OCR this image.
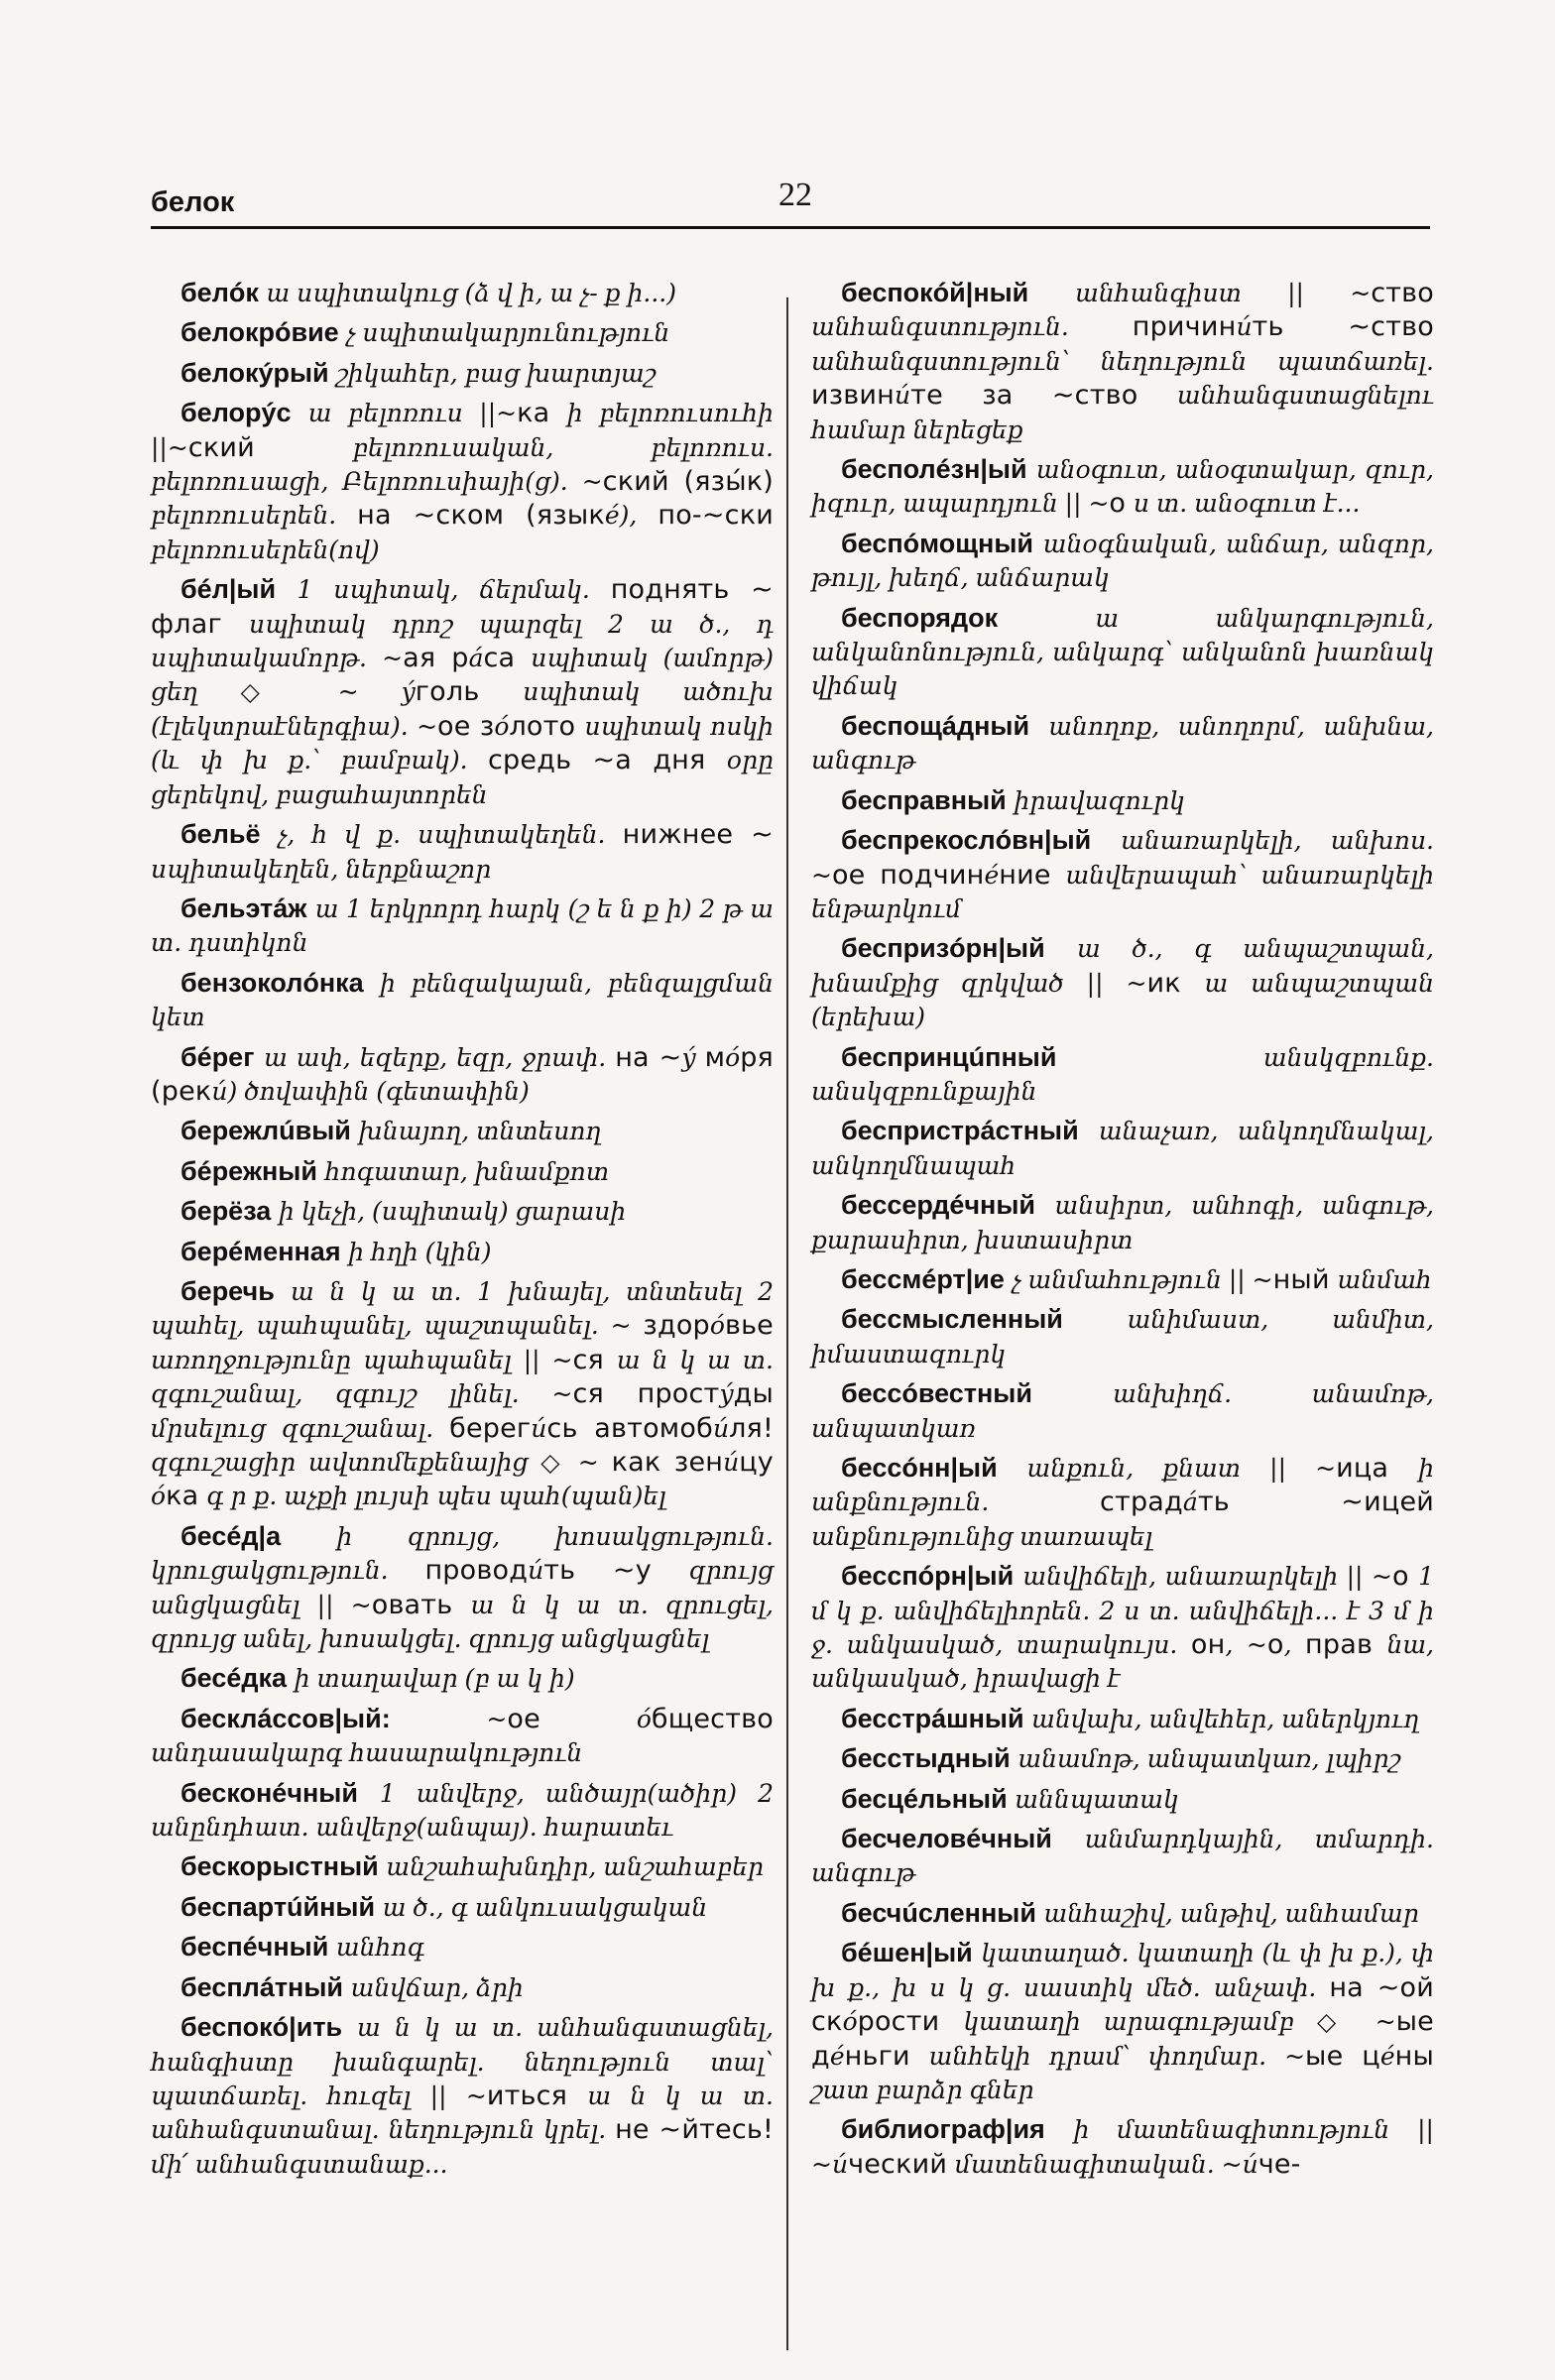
белок	22

белóк ա սպիտակուց (ձ վ ի, ա չ- ք ի...)

белокрóвие չ սպիտակարյունություն

белокýрый շիկահեր, բաց խարտյաշ

белорýс ա բելոռուս ||~ка ի բելոռուսուհի ||~ский բելոռուսական, բելոռուս. բելոռուսացի, Բելոռուսիայի(ց). ~ский (язы́к) բելոռուսերեն. на ~ском (языкé), по-~ски բելոռուսերեն(ով)

бéл|ый 1 սպիտակ, ճերմակ. поднять ~ флаг սպիտակ դրոշ պարզել 2 ա ծ., դ սպիտակամորթ. ~ая рáса սպիտակ (ամորթ) ցեղ ◇ ~ ýголь սպիտակ ածուխ (էլեկտրաէներգիա). ~ое зóлото սպիտակ ոսկի (և փ խ ք.՝ բամբակ). средь ~а дня օրը ցերեկով, բացահայտորեն

бельё չ, հ վ ք. սպիտակեղեն. нижнее ~ սպիտակեղեն, ներքնաշոր

бельэтáж ա 1 երկրորդ հարկ (շ ե ն ք ի) 2 թ ա տ. դստիկոն

бензоколóнка ի բենզակայան, բենզալցման կետ

бéрег ա ափ, եզերք, եզր, ջրափ. на ~ý мóря (рекú) ծովափին (գետափին)

бережлúвый խնայող, տնտեսող

бéрежный հոգատար, խնամքոտ

берёза ի կեչի, (սպիտակ) ցարասի

берéменная ի հղի (կին)

беречь ա ն կ ա տ. 1 խնայել, տնտեսել 2 պահել, պահպանել, պաշտպանել. ~ здорóвье առողջությունը պահպանել || ~ся ա ն կ ա տ. զգուշանալ, զգույշ լինել. ~ся простýды մրսելուց զգուշանալ. берегúсь автомобúля! զգուշացիր ավտոմեքենայից ◇ ~ как зенúцу óка գ ր ք. աչքի լույսի պես պահ(պան)ել

бесéд|а ի զրույց, խոսակցություն. կրուցակցություն. проводúть ~у զրույց անցկացնել || ~овать ա ն կ ա տ. զրուցել, զրույց անել, խոսակցել. զրույց անցկացնել

бесéдка ի տաղավար (բ ա կ ի)

бесклáссов|ый:	~ое óбщество անդասակարգ հասարակություն

бесконéчный 1 անվերջ, անծայր(ածիր) 2 անընդհատ. անվերջ(անպայ). հարատեւ

бескорыстный անշահախնդիր, անշահաբեր

беспартúйный ա ծ., գ անկուսակցական

беспéчный անհոգ

бесплáтный անվճար, ձրի

беспокó|ить ա ն կ ա տ. անհանգստացնել, հանգիստը խանգարել. նեղություն տալ՝ պատճառել. հուզել || ~иться ա ն կ ա տ. անհանգստանալ. նեղություն կրել. не ~йтесь! մի՛ անհանգստանաք...

беспокóй|ный անհանգիստ || ~ство անհանգստություն. причинúть ~ство անհանգստություն՝ նեղություն պատճառել. извинúте за ~ство անհանգստացնելու համար ներեցեք

бесполéзн|ый անօգուտ, անօգտակար, զուր, իզուր, ապարդյուն || ~о ս տ. անօգուտ է...

беспóмощный անօգնական, անճար, անզոր, թույլ, խեղճ, անճարակ

беспорядок	ա անկարգություն, անկանոնություն, անկարգ՝ անկանոն խառնակ վիճակ

беспощáдный անողոք, անողորմ, անխնա, անգութ

бесправный իրավազուրկ

беспрекослóвн|ый անառարկելի, անխոս. ~ое подчинéние անվերապահ՝ անառարկելի ենթարկում

беспризóрн|ый ա ծ., գ անպաշտպան, խնամքից զրկված || ~ик ա անպաշտպան (երեխա)

беспринцúпный	անսկզբունք. անսկզբունքային

беспристрáстный անաչառ, անկողմնակալ, անկողմնապահ

бессердéчный անսիրտ, անհոգի, անգութ, քարասիրտ, խստասիրտ

бессмéрт|ие չ անմահություն || ~ный անմահ

бессмыслeнный	անիմաստ, անմիտ, իմաստազուրկ

бессóвестный	անխիղճ. անամոթ, անպատկառ

бессóнн|ый անքուն, քնատ || ~ица ի անքնություն. страдáть ~ицей անքնությունից տառապել

бесспóрн|ый անվիճելի, անառարկելի || ~о 1 մ կ ք. անվիճելիորեն. 2 ս տ. անվիճելի... է 3 մ ի ջ. անկասկած, տարակույս. он, ~о, прав նա, անկասկած, իրավացի է

бесстрáшный անվախ, անվեհեր, աներկյուղ

бесстыдный անամոթ, անպատկառ, լպիրշ

бесцéльный աննպատակ

бесчеловéчный անմարդկային, տմարդի. անգութ

бесчúсленный անհաշիվ, անթիվ, անհամար

бéшен|ый կատաղած. կատաղի (և փ խ ք.), փ խ ք., խ ս կ ց. սաստիկ մեծ. անչափ. на ~ой скóрости կատաղի արագությամբ ◇ ~ые дéньги անհեկի դրամ՝ փողմար. ~ые цéны շատ բարձր գներ

библиограф|ия ի մատենագիտություն || ~úческий մատենագիտական. ~úче-
